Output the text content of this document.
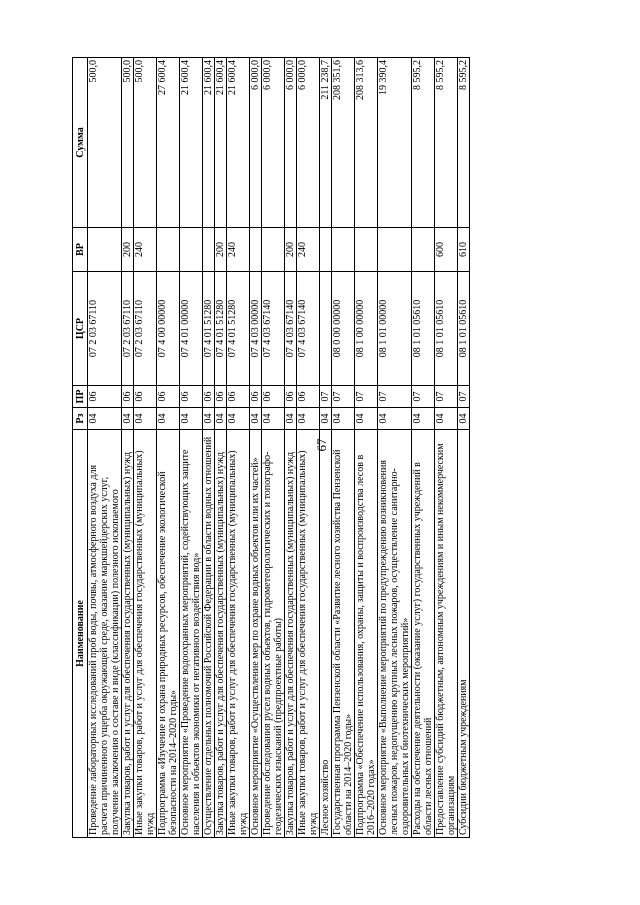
67
Наименование	Рз	ПР	ЦСР	ВР	Сумма
Проведение лабораторных исследований проб воды, почвы, атмосферного воздуха для расчета причиненного ущерба окружающей среде, оказание маркшейдерских услуг, получение заключения о составе и виде (классификации) полезного ископаемого	04	06	07 2 03 67110		500,0
Закупка товаров, работ и услуг для обеспечения государственных (муниципальных) нужд	04	06	07 2 03 67110	200	500,0
Иные закупки товаров, работ и услуг для обеспечения государственных (муниципальных) нужд	04	06	07 2 03 67110	240	500,0
Подпрограмма «Изучение и охрана природных ресурсов, обеспечение экологической безопасности на 2014–2020 годы»	04	06	07 4 00 00000		27 600,4
Основное мероприятие «Проведение водоохранных мероприятий, содействующих защите населения и объектов экономики от негативного воздействия вод»	04	06	07 4 01 00000		21 600,4
Осуществление отдельных полномочий Российской Федерации в области водных отношений	04	06	07 4 01 51280		21 600,4
Закупка товаров, работ и услуг для обеспечения государственных (муниципальных) нужд	04	06	07 4 01 51280	200	21 600,4
Иные закупки товаров, работ и услуг для обеспечения государственных (муниципальных) нужд	04	06	07 4 01 51280	240	21 600,4
Основное мероприятие «Осуществление мер по охране водных объектов или их частей»	04	06	07 4 03 00000		6 000,0
Проведение обследования русел водных объектов, гидрометеорологических и топографо-геодезических изысканий (предпроектные работы)	04	06	07 4 03 67140		6 000,0
Закупка товаров, работ и услуг для обеспечения государственных (муниципальных) нужд	04	06	07 4 03 67140	200	6 000,0
Иные закупки товаров, работ и услуг для обеспечения государственных (муниципальных) нужд	04	06	07 4 03 67140	240	6 000,0
Лесное хозяйство	04	07			211 238,7
Государственная программа Пензенской области «Развитие лесного хозяйства Пензенской области на 2014–2020 годы»	04	07	08 0 00 00000		208 351,6
Подпрограмма «Обеспечение использования, охраны, защиты и воспроизводства лесов в 2016–2020 годах»	04	07	08 1 00 00000		208 313,6
Основное мероприятие «Выполнение мероприятий по предупреждению возникновения лесных пожаров, недопущению крупных лесных пожаров, осуществление санитарно-оздоровительных и биотехнических мероприятий»	04	07	08 1 01 00000		19 390,4
Расходы на обеспечение деятельности (оказание услуг) государственных учреждений в области лесных отношений	04	07	08 1 01 05610		8 595,2
Предоставление субсидий бюджетным, автономным учреждениям и иным некоммерческим организациям	04	07	08 1 01 05610	600	8 595,2
Субсидии бюджетным учреждениям	04	07	08 1 01 05610	610	8 595,2
